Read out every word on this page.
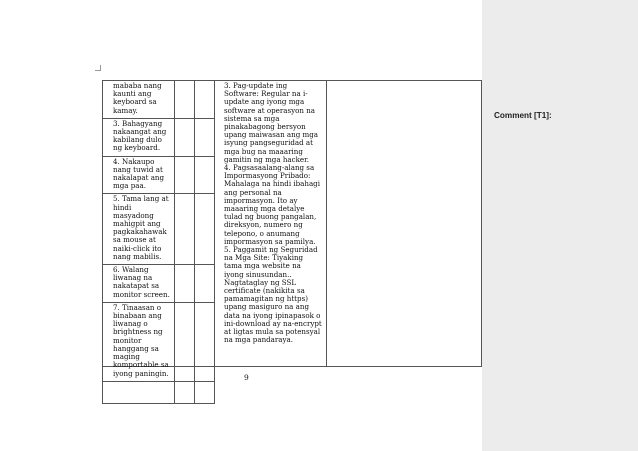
mababa nang kaunti ang keyboard sa kamay.		
3. Bahagyang nakaangat ang kabilang dulo ng keyboard.		
4. Nakaupo nang tuwid at nakalapat ang mga paa.		
5. Tama lang at hindi masyadong mahigpit ang pagkakahawak sa mouse at naiki-click ito nang mabilis.		
6. Walang liwanag na nakatapat sa monitor screen.		
7. Tinaasan o binabaan ang liwanag o brightness ng monitor hanggang sa maging komportable sa iyong paningin.		

3. Pag-update ing Software: Regular na i-update ang iyong mga software at operasyon na sistema sa mga pinakabagong bersyon upang maiwasan ang mga isyung pangseguridad at mga bug na maaaring gamitin ng mga hacker.

4. Pagsasaalang-alang sa Impormasyong Pribado: Mahalaga na hindi ibahagi ang personal na impormasyon. Ito ay maaaring mga detalye tulad ng buong pangalan, direksyon, numero ng telepono, o anumang impormasyon sa pamilya.

5. Paggamit ng Seguridad na Mga Site: Tiyaking tama mga website na iyong sinusundan.. Nagtataglay ng SSL certificate (nakikita sa pamamagitan ng https) upang masiguro na ang data na iyong ipinapasok o ini-download ay na-encrypt at ligtas mula sa potensyal na mga pandaraya.

9
Comment [T1]:
